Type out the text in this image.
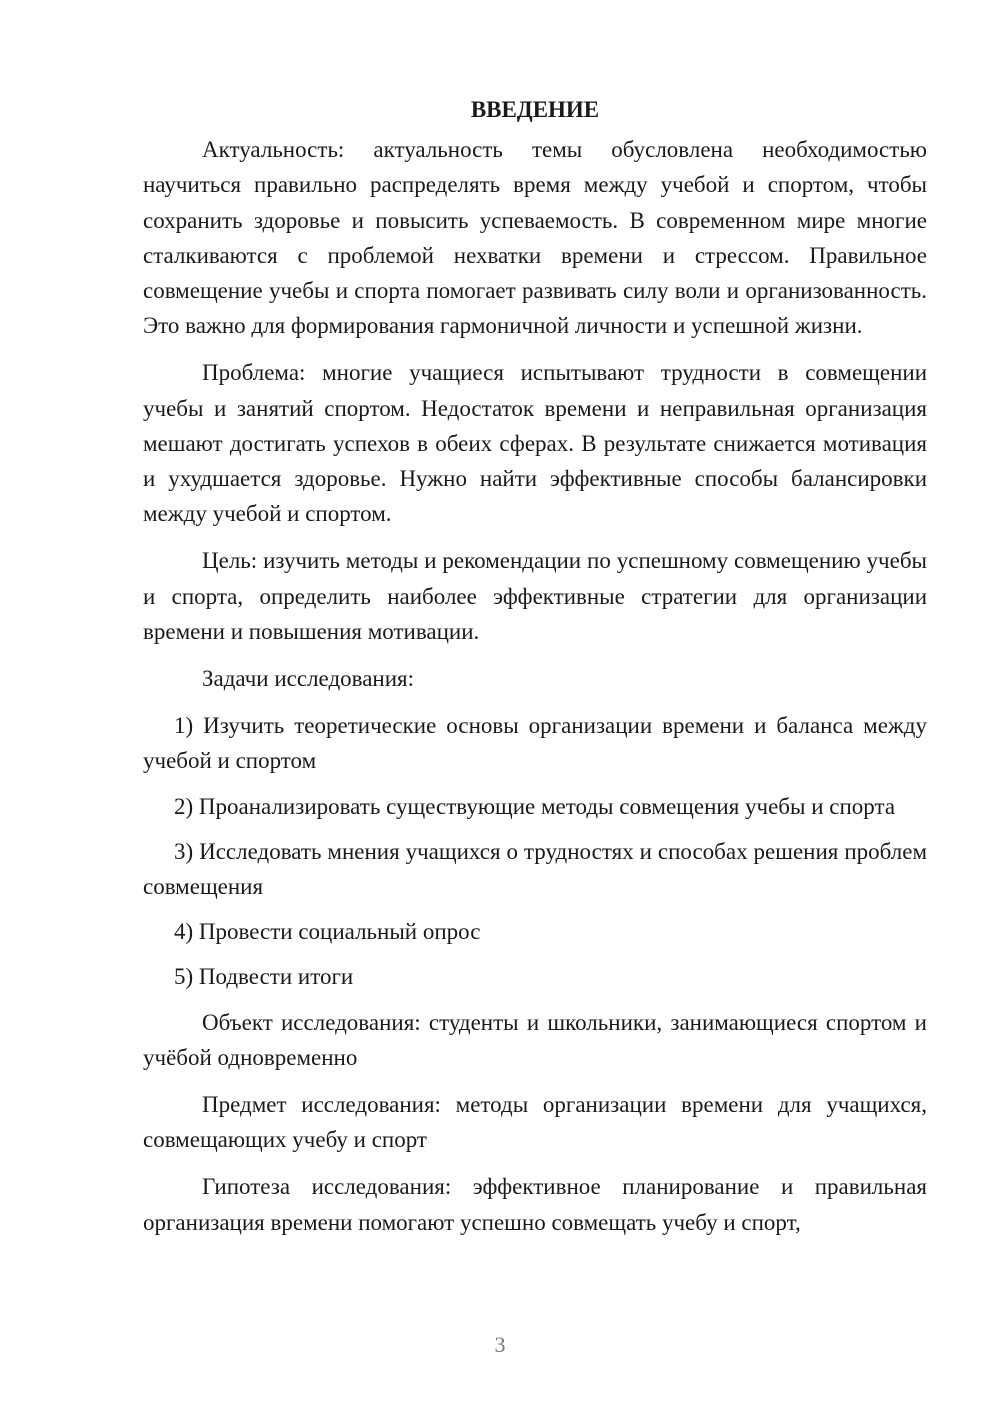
ВВЕДЕНИЕ

Актуальность: актуальность темы обусловлена необходимостью научиться правильно распределять время между учебой и спортом, чтобы сохранить здоровье и повысить успеваемость. В современном мире многие сталкиваются с проблемой нехватки времени и стрессом. Правильное совмещение учебы и спорта помогает развивать силу воли и организованность. Это важно для формирования гармоничной личности и успешной жизни.

Проблема: многие учащиеся испытывают трудности в совмещении учебы и занятий спортом. Недостаток времени и неправильная организация мешают достигать успехов в обеих сферах. В результате снижается мотивация и ухудшается здоровье. Нужно найти эффективные способы балансировки между учебой и спортом.

Цель: изучить методы и рекомендации по успешному совмещению учебы и спорта, определить наиболее эффективные стратегии для организации времени и повышения мотивации.

Задачи исследования:

1) Изучить теоретические основы организации времени и баланса между учебой и спортом

2) Проанализировать существующие методы совмещения учебы и спорта

3) Исследовать мнения учащихся о трудностях и способах решения проблем совмещения

4) Провести социальный опрос

5) Подвести итоги

Объект исследования: студенты и школьники, занимающиеся спортом и учёбой одновременно

Предмет исследования: методы организации времени для учащихся, совмещающих учебу и спорт

Гипотеза исследования: эффективное планирование и правильная организация времени помогают успешно совмещать учебу и спорт,

3
